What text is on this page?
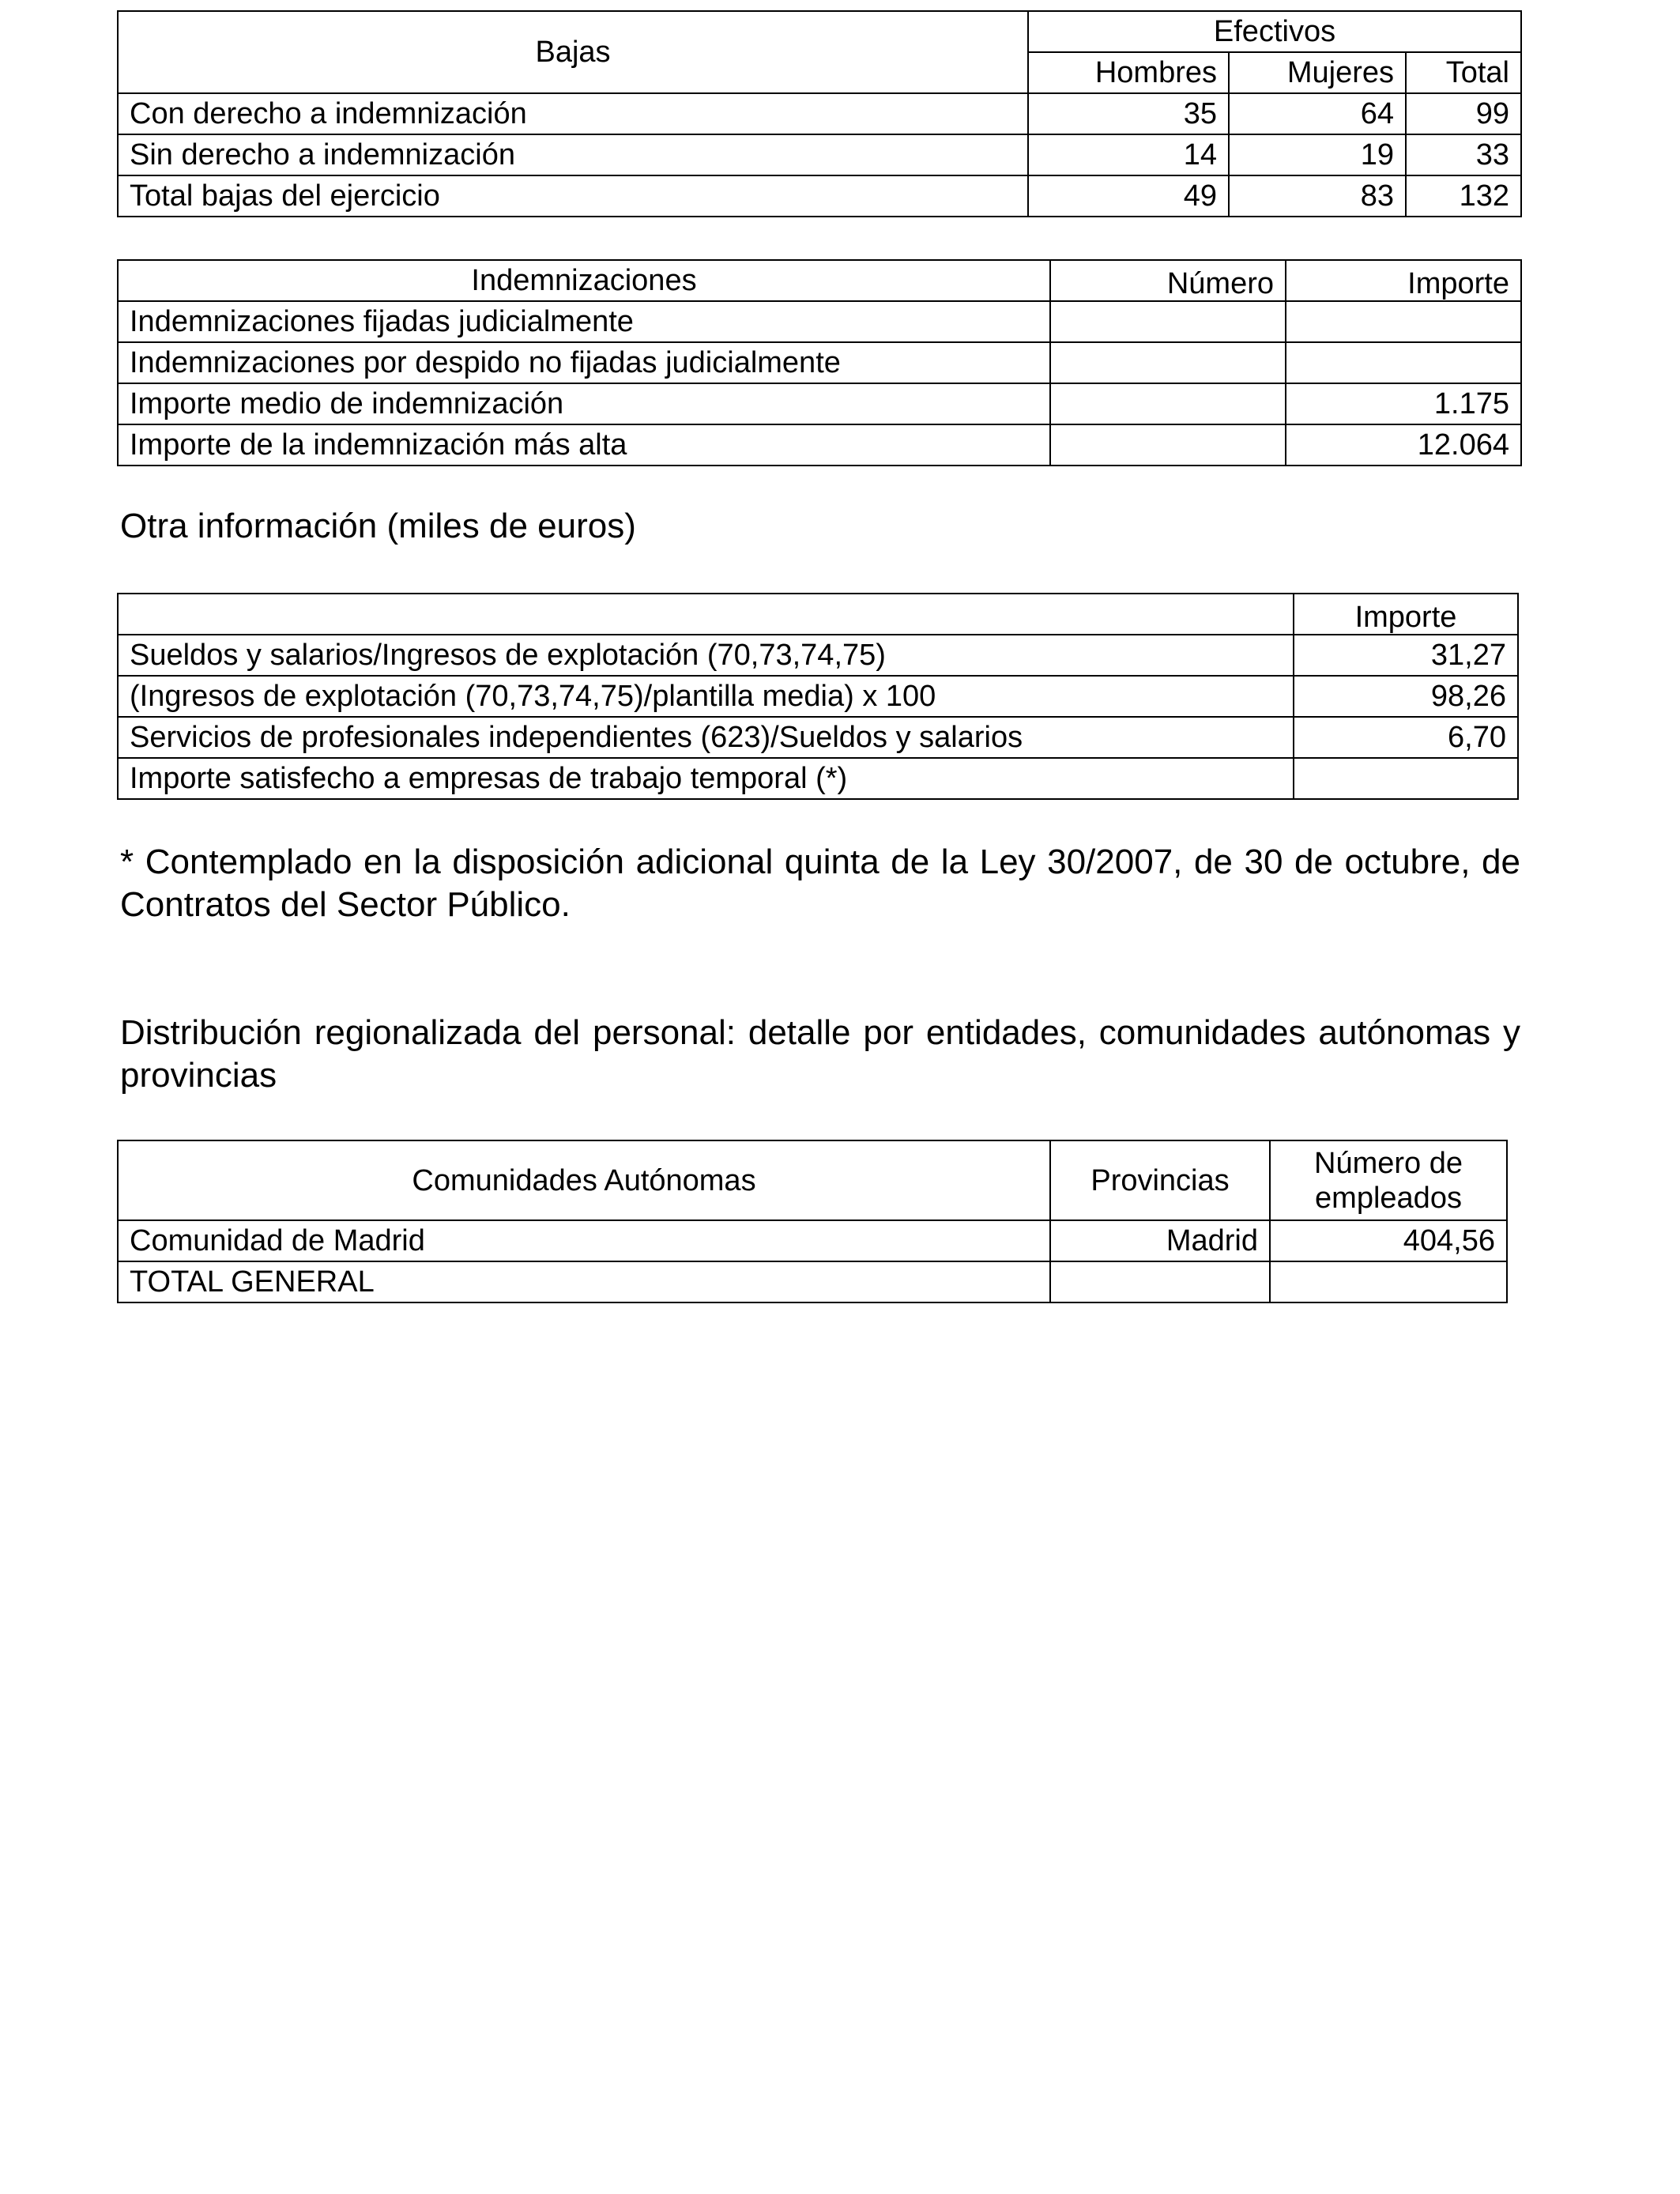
Bajas	Efectivos		
	Hombres	Mujeres	Total
Con derecho a indemnización	35	64	99
Sin derecho a indemnización	14	19	33
Total bajas del ejercicio	49	83	132
Indemnizaciones	Número	Importe
Indemnizaciones fijadas judicialmente		
Indemnizaciones por despido no fijadas judicialmente		
Importe medio de indemnización		1.175
Importe de la indemnización más alta		12.064
Otra información (miles de euros)
	Importe
Sueldos y salarios/Ingresos de explotación (70,73,74,75)	31,27
(Ingresos de explotación (70,73,74,75)/plantilla media) x 100	98,26
Servicios de profesionales independientes (623)/Sueldos y salarios	6,70
Importe satisfecho a empresas de trabajo temporal (*)	
* Contemplado en la disposición adicional quinta de la Ley 30/2007, de 30 de octubre, de Contratos del Sector Público.
Distribución regionalizada del personal: detalle por entidades, comunidades autónomas y provincias
Comunidades Autónomas	Provincias	Número de empleados
Comunidad de Madrid	Madrid	404,56
TOTAL GENERAL		
